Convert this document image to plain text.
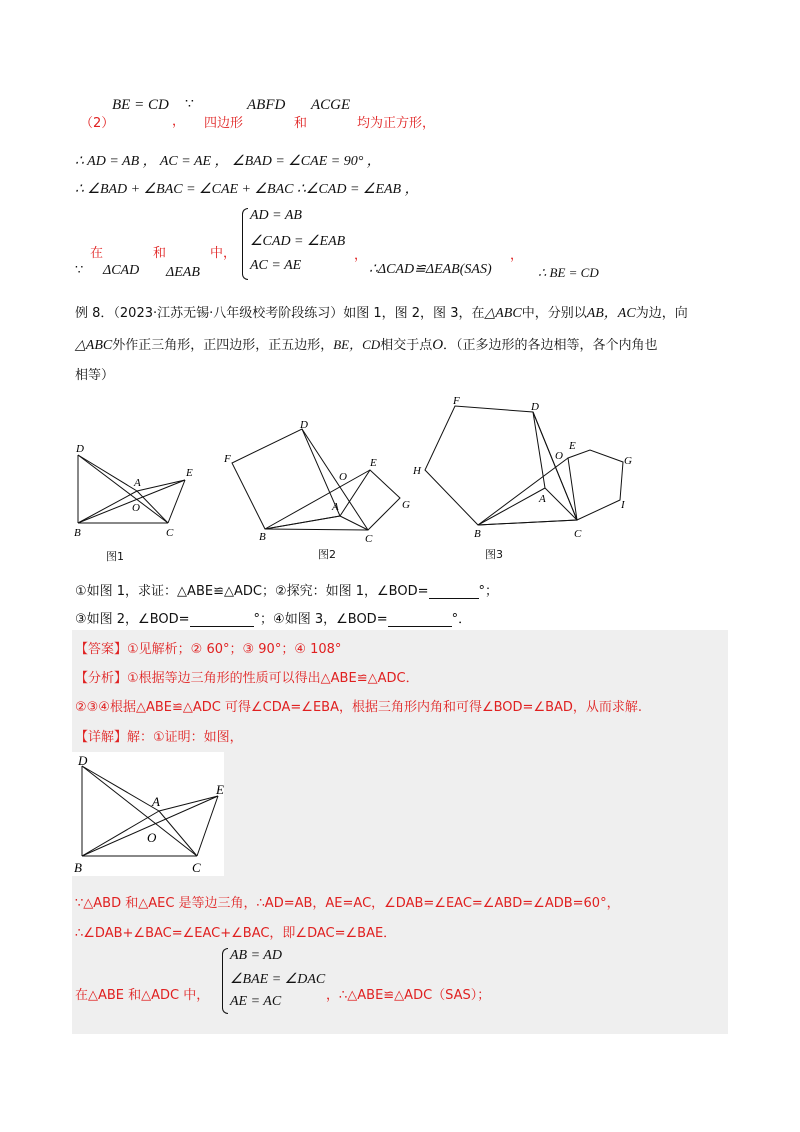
（2）
BE = CD
，
∵
四边形
ABFD
和
ACGE
均为正方形，
∴ AD = AB ， AC = AE ， ∠BAD = ∠CAE = 90° ，
∴ ∠BAD + ∠BAC = ∠CAE + ∠BAC ∴∠CAD = ∠EAB ，
在	和	中，
∵ ΔCAD ΔEAB
AD = AB
∠CAD = ∠EAB
AC = AE
，
∴ΔCAD≌ΔEAB(SAS)
，
∴ BE = CD
例 8．（2023·江苏无锡·八年级校考阶段练习）如图 1，图 2，图 3，在△ABC中，分别以AB，AC为边，向
△ABC外作正三角形，正四边形，正五边形，BE，CD相交于点O．（正多边形的各边相等，各个内角也
相等）
D
A
E
O
B	C
图1
D
F	E
O
G
A
B	C
图2
F	D
E
O	G
H
A	I
B	C
图3
①如图 1，求证：△ABE≌△ADC；②探究：如图 1，∠BOD=	°；
③如图 2，∠BOD=	°；④如图 3，∠BOD=	°．
【答案】①见解析；② 60°；③ 90°；④ 108°
【分析】①根据等边三角形的性质可以得出△ABE≌△ADC．
②③④根据△ABE≌△ADC 可得∠CDA=∠EBA，根据三角形内角和可得∠BOD=∠BAD，从而求解.
【详解】解：①证明：如图，
D
A
E
O
B	C
∵△ABD 和△AEC 是等边三角，∴AD=AB，AE=AC，∠DAB=∠EAC=∠ABD=∠ADB=60°，
∴∠DAB+∠BAC=∠EAC+∠BAC，即∠DAC=∠BAE．
在△ABE 和△ADC 中，
AB = AD
∠BAE = ∠DAC
AE = AC	，∴△ABE≌△ADC（SAS）；
